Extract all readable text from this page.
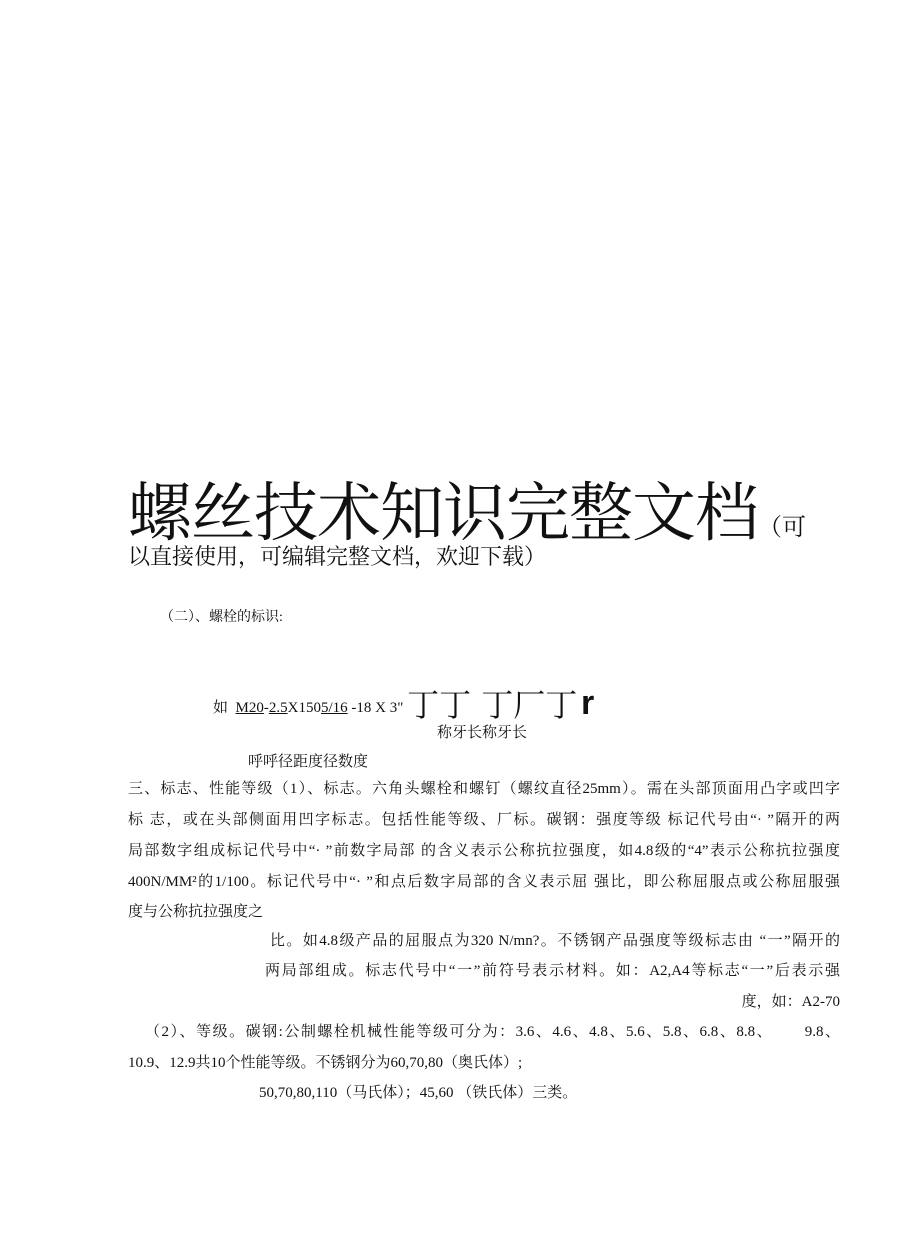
螺丝技术知识完整文档（可
以直接使用，可编辑完整文档，欢迎下载）
（二）、螺栓的标识:
如 M20-2.5X1505/16 -18 X 3" 丁丁 丁厂丁 r
称牙长称牙长
呼呼径距度径数度
三、标志、性能等级（1）、标志。六角头螺栓和螺钉（螺纹直径25mm）。需在头部顶面用凸字或凹字
标 志，或在头部侧面用凹字标志。包括性能等级、厂标。碳钢：强度等级 标记代号由“· ”隔开的两
局部数字组成标记代号中“· ”前数字局部 的含义表示公称抗拉强度，如4.8级的“4”表示公称抗拉强度
400N/MM²的1/100。标记代号中“· ”和点后数字局部的含义表示屈 强比，即公称屈服点或公称屈服强
度与公称抗拉强度之
比。如4.8级产品的屈服点为320 N/mn?。不锈钢产品强度等级标志由 “一”隔开的
两局部组成。标志代号中“一”前符号表示材料。如：A2,A4等标志“一”后表示强
度，如：A2-70
（2）、等级。碳钢:公制螺栓机械性能等级可分为：3.6、4.6、4.8、5.6、5.8、6.8、8.8、      9.8、
10.9、12.9共10个性能等级。不锈钢分为60,70,80（奥氏体）;
50,70,80,110（马氏体）；45,60 （铁氏体）三类。
